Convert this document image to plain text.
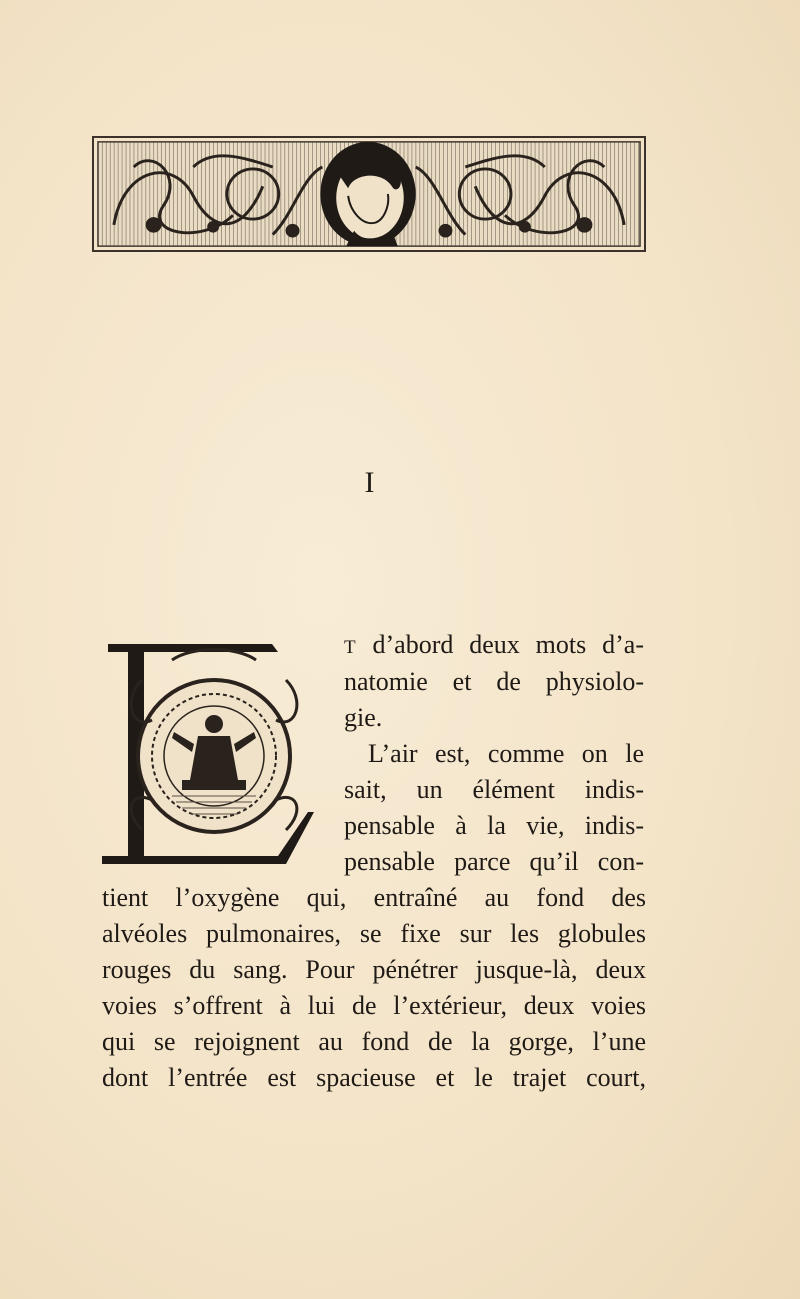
I
T d’abord deux mots d’a-
natomie et de physiolo-
gie.
L’air est, comme on le
sait, un élément indis-
pensable à la vie, indis-
pensable parce qu’il con-
tient l’oxygène qui, entraîné au fond des
alvéoles pulmonaires, se fixe sur les globules
rouges du sang. Pour pénétrer jusque-là, deux
voies s’offrent à lui de l’extérieur, deux voies
qui se rejoignent au fond de la gorge, l’une
dont l’entrée est spacieuse et le trajet court,
